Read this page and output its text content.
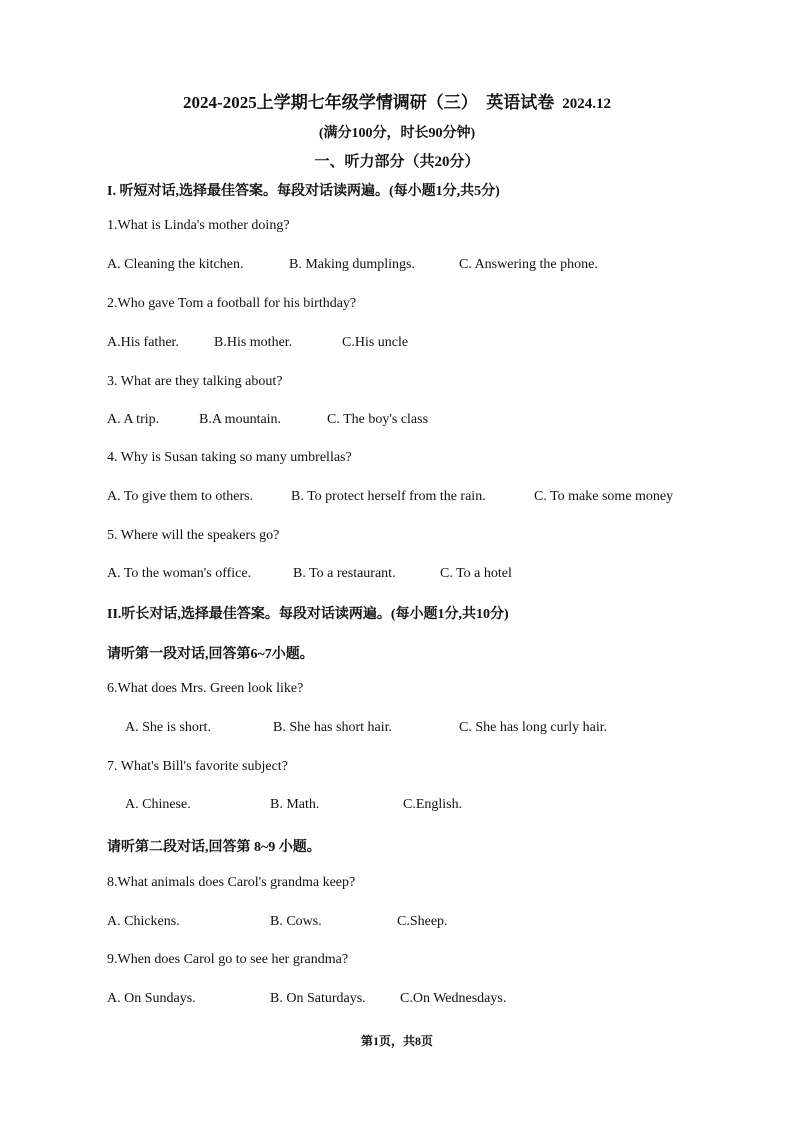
2024-2025上学期七年级学情调研（三）  英语试卷 2024.12
(满分100分，时长90分钟)
一、听力部分（共20分）
I. 听短对话,选择最佳答案。每段对话读两遍。(每小题1分,共5分)
1.What is Linda's mother doing?
A. Cleaning the kitchen.	B. Making dumplings.	C. Answering the phone.
2.Who gave Tom a football for his birthday?
A.His father.	B.His mother.	C.His uncle
3. What are they talking about?
A. A trip.	B.A mountain.	C. The boy's class
4. Why is Susan taking so many umbrellas?
A. To give them to others.	B. To protect herself from the rain.	C. To make some money
5. Where will the speakers go?
A. To the woman's office.	B. To a restaurant.	C. To a hotel
II.听长对话,选择最佳答案。每段对话读两遍。(每小题1分,共10分)
请听第一段对话,回答第6~7小题。
6.What does Mrs. Green look like?
A. She is short.	B. She has short hair.	C. She has long curly hair.
7. What's Bill's favorite subject?
A. Chinese.	B. Math.	C.English.
请听第二段对话,回答第 8~9 小题。
8.What animals does Carol's grandma keep?
A. Chickens.	B. Cows.	C.Sheep.
9.When does Carol go to see her grandma?
A. On Sundays.	B. On Saturdays.	C.On Wednesdays.
第1页，共8页
